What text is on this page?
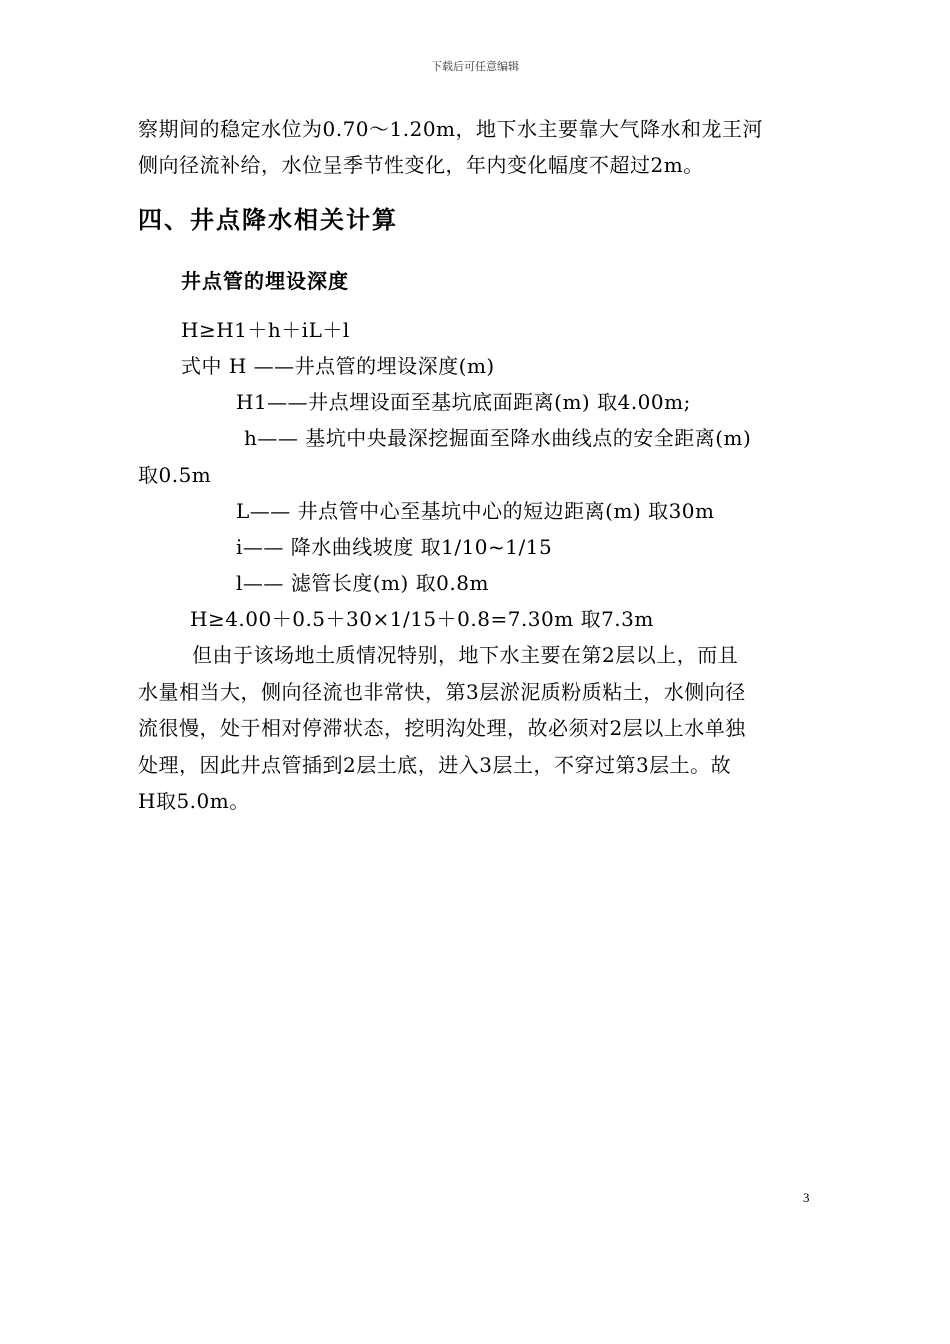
下载后可任意编辑
察期间的稳定水位为0.70～1.20m，地下水主要靠大气降水和龙王河
侧向径流补给，水位呈季节性变化，年内变化幅度不超过2m。
四、井点降水相关计算
井点管的埋设深度
H≥H1＋h＋iL＋l
式中 H ——井点管的埋设深度(m)
H1——井点埋设面至基坑底面距离(m) 取4.00m;
h—— 基坑中央最深挖掘面至降水曲线点的安全距离(m)
取0.5m
L—— 井点管中心至基坑中心的短边距离(m) 取30m
i—— 降水曲线坡度 取1/10~1/15
l—— 滤管长度(m) 取0.8m
H≥4.00＋0.5＋30×1/15＋0.8=7.30m 取7.3m
但由于该场地土质情况特别，地下水主要在第2层以上，而且
水量相当大，侧向径流也非常快，第3层淤泥质粉质粘土，水侧向径
流很慢，处于相对停滞状态，挖明沟处理，故必须对2层以上水单独
处理，因此井点管插到2层土底，进入3层土，不穿过第3层土。故
H取5.0m。
3
